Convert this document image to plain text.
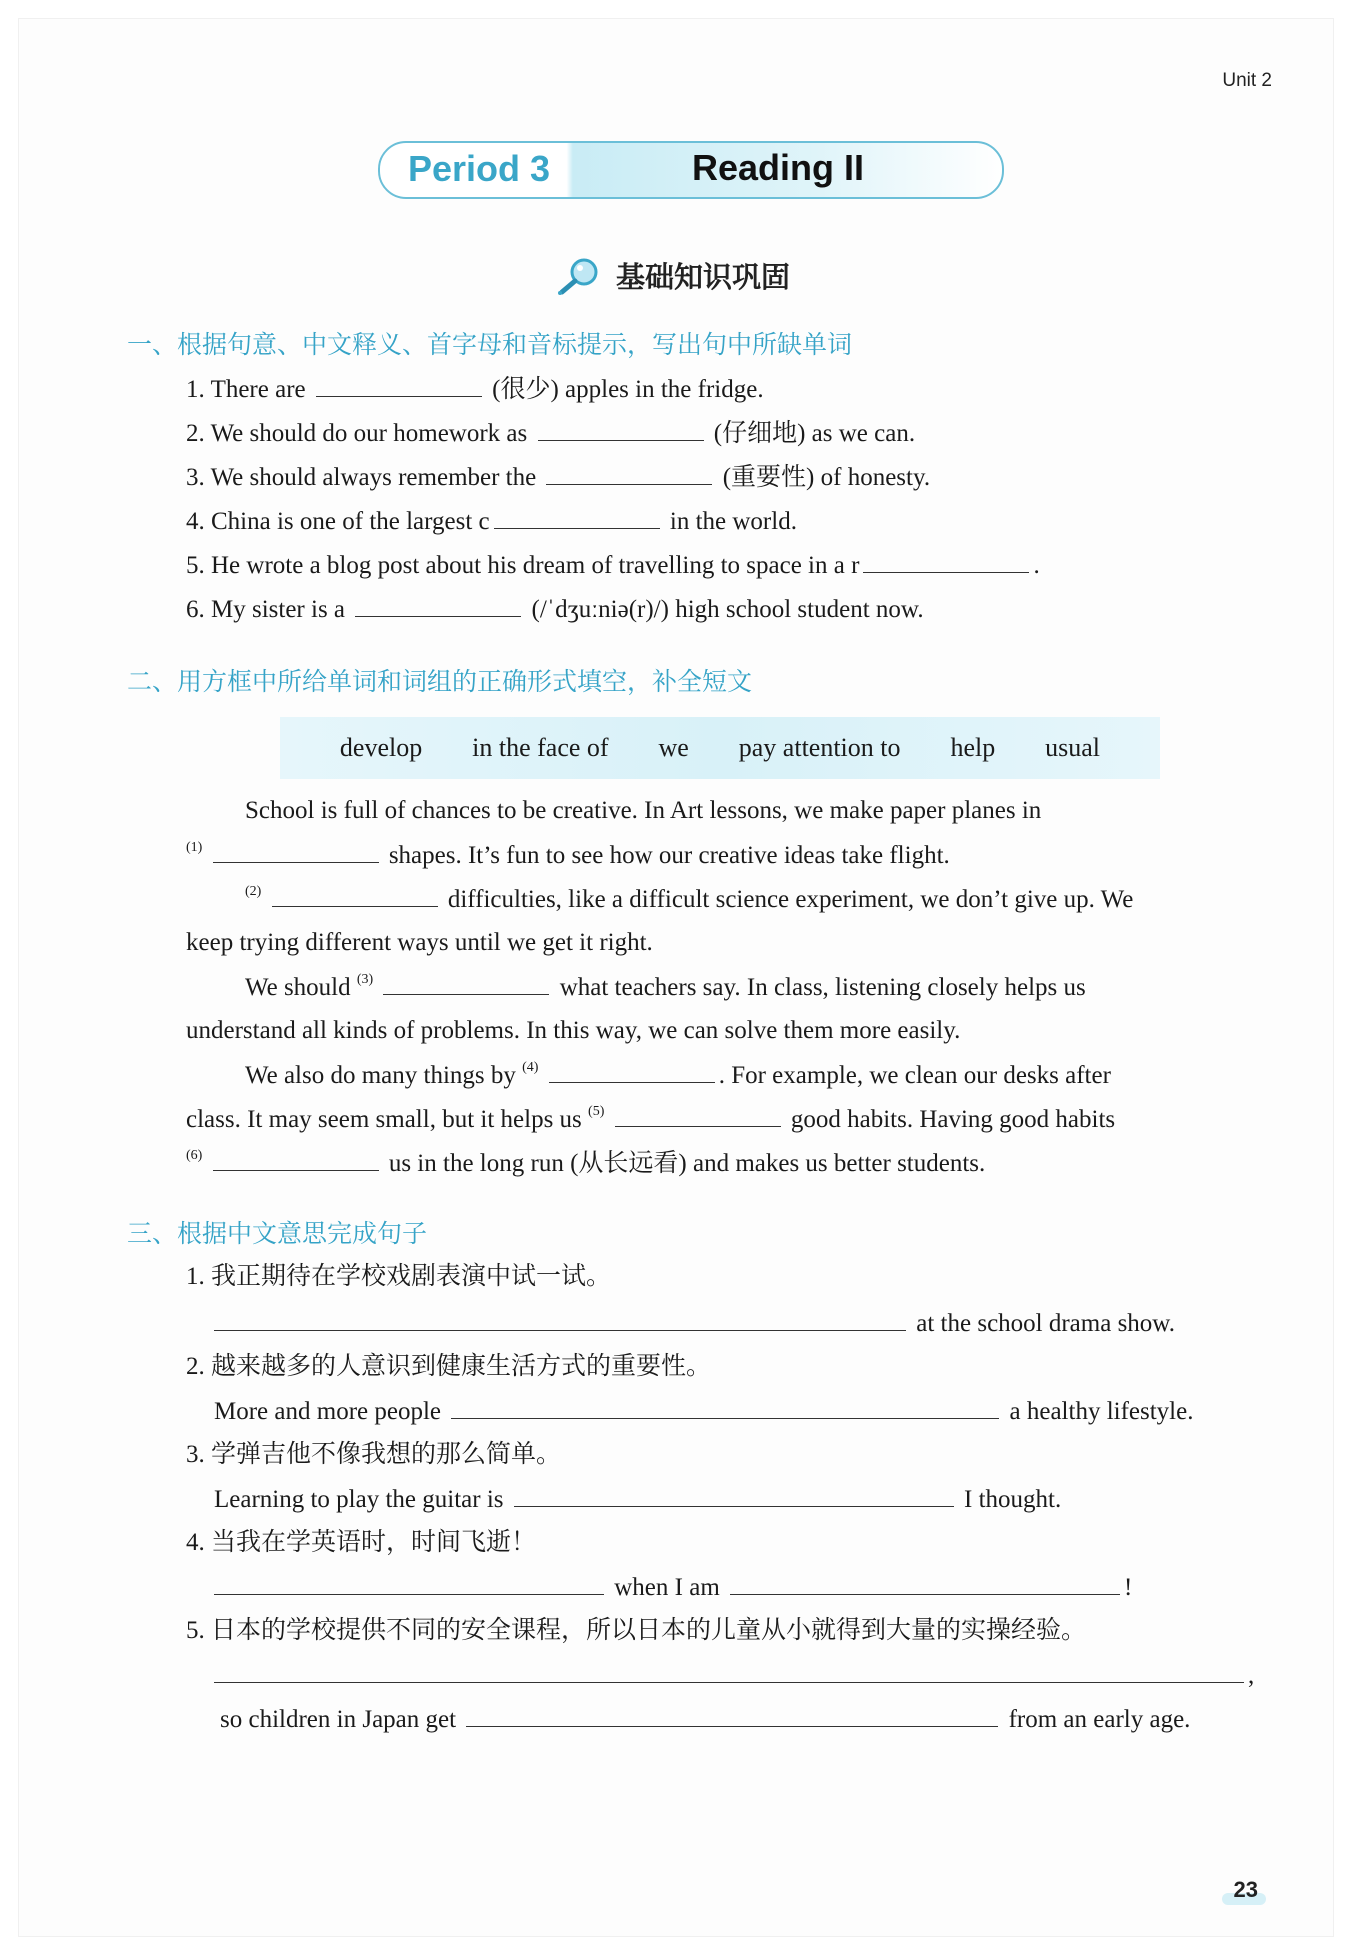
Unit 2
Period 3	Reading II
基础知识巩固
一、根据句意、中文释义、首字母和音标提示，写出句中所缺单词
1. There are	(很少) apples in the fridge.
2. We should do our homework as	(仔细地) as we can.
3. We should always remember the	(重要性) of honesty.
4. China is one of the largest c	in the world.
5. He wrote a blog post about his dream of travelling to space in a r	.
6. My sister is a	(/ˈdʒuːniə(r)/) high school student now.
二、用方框中所给单词和词组的正确形式填空，补全短文
develop in the face of we pay attention to help usual
School is full of chances to be creative. In Art lessons, we make paper planes in
$^{(1)}$	shapes. It’s fun to see how our creative ideas take flight.
$^{(2)}$	difficulties, like a difficult science experiment, we don’t give up. We
keep trying different ways until we get it right.
We should $^{(3)}$	what teachers say. In class, listening closely helps us
understand all kinds of problems. In this way, we can solve them more easily.
We also do many things by $^{(4)}$	. For example, we clean our desks after
class. It may seem small, but it helps us $^{(5)}$	good habits. Having good habits
$^{(6)}$	us in the long run (从长远看) and makes us better students.
三、根据中文意思完成句子
1. 我正期待在学校戏剧表演中试一试。
at the school drama show.
2. 越来越多的人意识到健康生活方式的重要性。
More and more people	a healthy lifestyle.
3. 学弹吉他不像我想的那么简单。
Learning to play the guitar is	I thought.
4. 当我在学英语时，时间飞逝！
when I am	!
5. 日本的学校提供不同的安全课程，所以日本的儿童从小就得到大量的实操经验。
,
so children in Japan get	from an early age.
23
